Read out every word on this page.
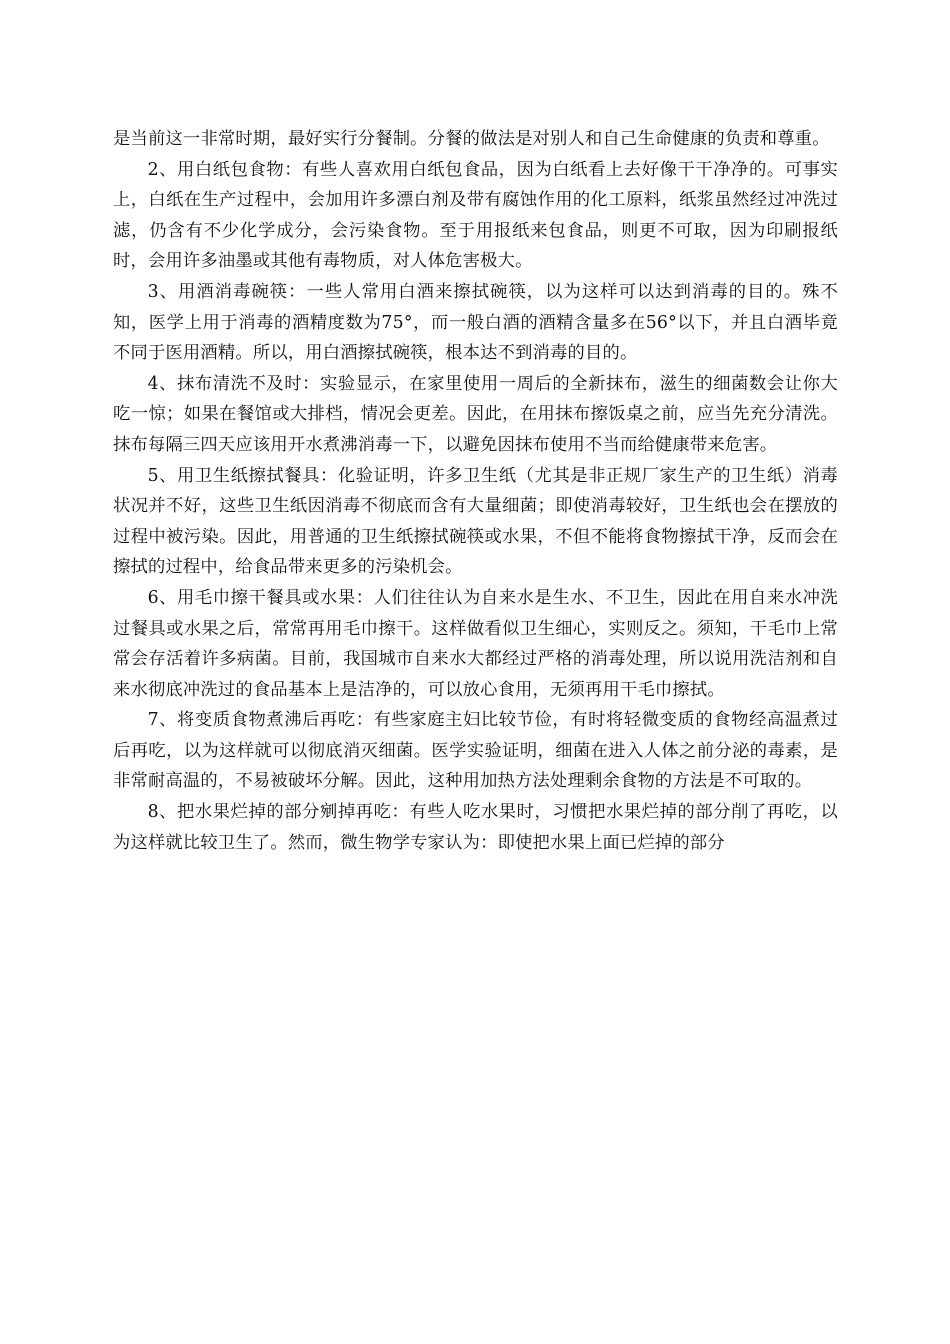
是当前这一非常时期，最好实行分餐制。分餐的做法是对别人和自己生命健康的负责和尊重。

2、用白纸包食物：有些人喜欢用白纸包食品，因为白纸看上去好像干干净净的。可事实上，白纸在生产过程中，会加用许多漂白剂及带有腐蚀作用的化工原料，纸浆虽然经过冲洗过滤，仍含有不少化学成分，会污染食物。至于用报纸来包食品，则更不可取，因为印刷报纸时，会用许多油墨或其他有毒物质，对人体危害极大。

3、用酒消毒碗筷：一些人常用白酒来擦拭碗筷，以为这样可以达到消毒的目的。殊不知，医学上用于消毒的酒精度数为75°，而一般白酒的酒精含量多在56°以下，并且白酒毕竟不同于医用酒精。所以，用白酒擦拭碗筷，根本达不到消毒的目的。

4、抹布清洗不及时：实验显示，在家里使用一周后的全新抹布，滋生的细菌数会让你大吃一惊；如果在餐馆或大排档，情况会更差。因此，在用抹布擦饭桌之前，应当先充分清洗。抹布每隔三四天应该用开水煮沸消毒一下，以避免因抹布使用不当而给健康带来危害。

5、用卫生纸擦拭餐具：化验证明，许多卫生纸（尤其是非正规厂家生产的卫生纸）消毒状况并不好，这些卫生纸因消毒不彻底而含有大量细菌；即使消毒较好，卫生纸也会在摆放的过程中被污染。因此，用普通的卫生纸擦拭碗筷或水果，不但不能将食物擦拭干净，反而会在擦拭的过程中，给食品带来更多的污染机会。

6、用毛巾擦干餐具或水果：人们往往认为自来水是生水、不卫生，因此在用自来水冲洗过餐具或水果之后，常常再用毛巾擦干。这样做看似卫生细心，实则反之。须知，干毛巾上常常会存活着许多病菌。目前，我国城市自来水大都经过严格的消毒处理，所以说用洗洁剂和自来水彻底冲洗过的食品基本上是洁净的，可以放心食用，无须再用干毛巾擦拭。

7、将变质食物煮沸后再吃：有些家庭主妇比较节俭，有时将轻微变质的食物经高温煮过后再吃，以为这样就可以彻底消灭细菌。医学实验证明，细菌在进入人体之前分泌的毒素，是非常耐高温的，不易被破坏分解。因此，这种用加热方法处理剩余食物的方法是不可取的。

8、把水果烂掉的部分剜掉再吃：有些人吃水果时，习惯把水果烂掉的部分削了再吃，以为这样就比较卫生了。然而，微生物学专家认为：即使把水果上面已烂掉的部分
